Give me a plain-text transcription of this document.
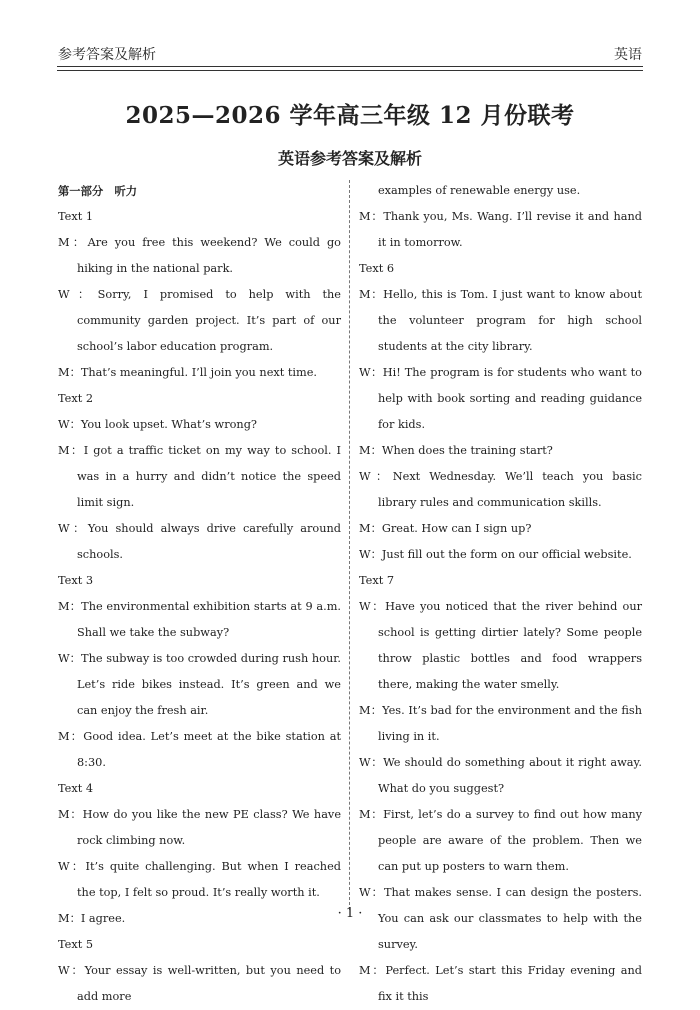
参考答案及解析	英语
2025—2026 学年高三年级 12 月份联考
英语参考答案及解析
第一部分　听力
Text 1
M：Are you free this weekend? We could go hiking in the national park.
W：Sorry, I promised to help with the community garden project. It’s part of our school’s labor education program.
M：That’s meaningful. I’ll join you next time.
Text 2
W：You look upset. What’s wrong?
M：I got a traffic ticket on my way to school. I was in a hurry and didn’t notice the speed limit sign.
W：You should always drive carefully around schools.
Text 3
M：The environmental exhibition starts at 9 a.m. Shall we take the subway?
W：The subway is too crowded during rush hour. Let’s ride bikes instead. It’s green and we can enjoy the fresh air.
M：Good idea. Let’s meet at the bike station at 8:30.
Text 4
M：How do you like the new PE class? We have rock climbing now.
W：It’s quite challenging. But when I reached the top, I felt so proud. It’s really worth it.
M：I agree.
Text 5
W：Your essay is well-written, but you need to add more
examples of renewable energy use.
M：Thank you, Ms. Wang. I’ll revise it and hand it in tomorrow.
Text 6
M：Hello, this is Tom. I just want to know about the volunteer program for high school students at the city library.
W：Hi! The program is for students who want to help with book sorting and reading guidance for kids.
M：When does the training start?
W：Next Wednesday. We’ll teach you basic library rules and communication skills.
M：Great. How can I sign up?
W：Just fill out the form on our official website.
Text 7
W：Have you noticed that the river behind our school is getting dirtier lately? Some people throw plastic bottles and food wrappers there, making the water smelly.
M：Yes. It’s bad for the environment and the fish living in it.
W：We should do something about it right away. What do you suggest?
M：First, let’s do a survey to find out how many people are aware of the problem. Then we can put up posters to warn them.
W：That makes sense. I can design the posters. You can ask our classmates to help with the survey.
M：Perfect. Let’s start this Friday evening and fix it this
· 1 ·
